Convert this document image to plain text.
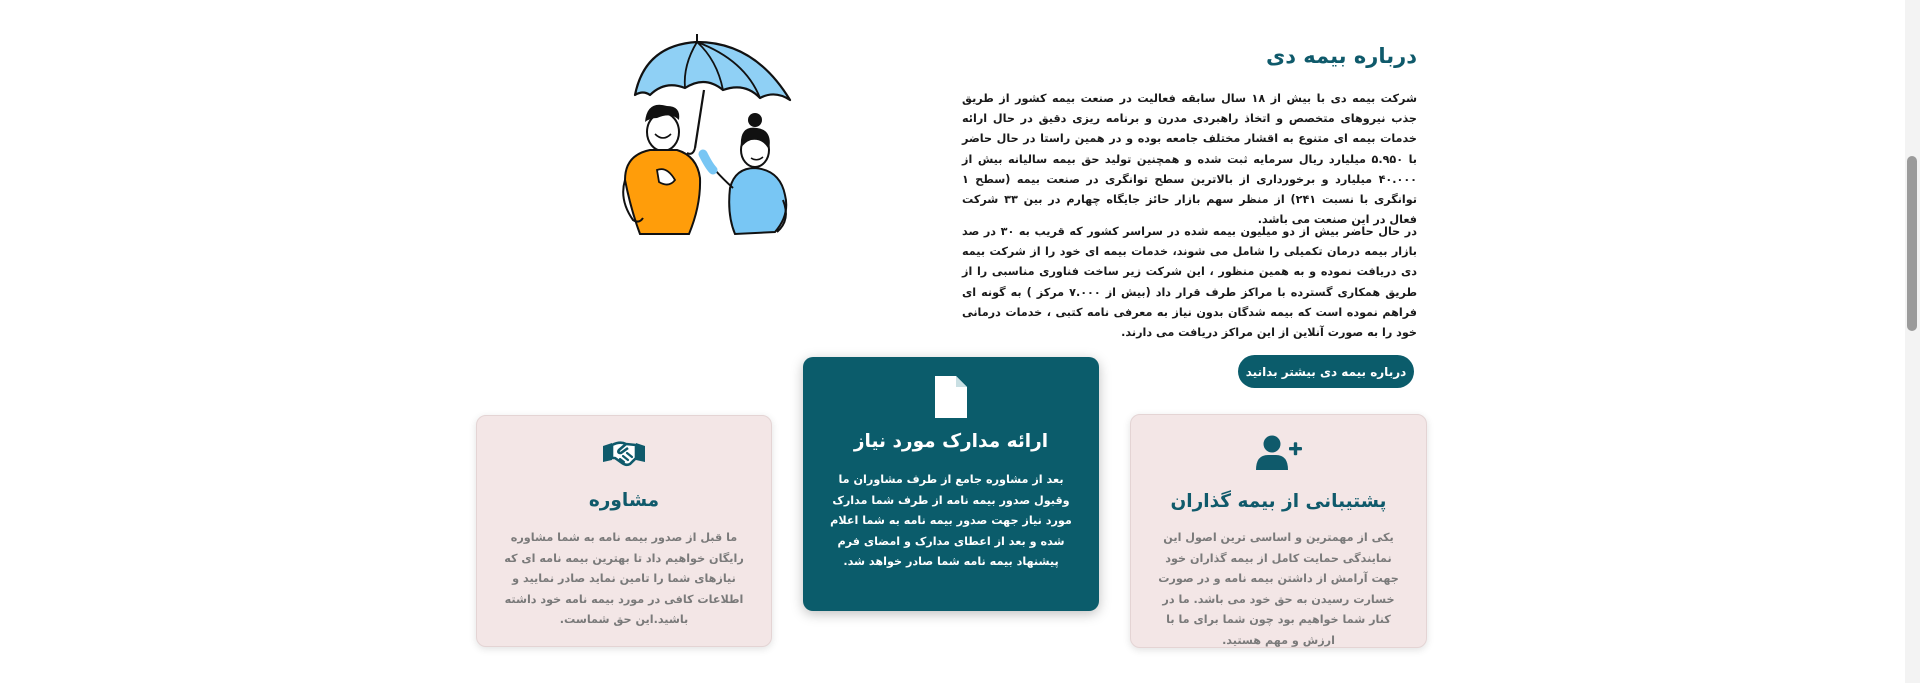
درباره بیمه دی

شرکت بیمه دی با بیش از ۱۸ سال سابقه فعالیت در صنعت بیمه کشور از طریق جذب نیروهای متخصص و اتخاذ راهبردی مدرن و برنامه ریزی دقیق در حال ارائه خدمات بیمه ای متنوع به اقشار مختلف جامعه بوده و در همین راستا در حال حاضر با ۵.۹۵۰ میلیارد ریال سرمایه ثبت شده و همچنین تولید حق بیمه سالیانه بیش از ۴۰.۰۰۰ میلیارد و برخورداری از بالاترین سطح توانگری در صنعت بیمه (سطح ۱ توانگری با نسبت ۲۴۱) از منظر سهم بازار حائز جایگاه چهارم در بین ۳۳ شرکت فعال در این صنعت می باشد.

در حال حاضر بیش از دو میلیون بیمه شده در سراسر کشور که قریب به ۳۰ در صد بازار بیمه درمان تکمیلی را شامل می شوند، خدمات بیمه ای خود را از شرکت بیمه دی دریافت نموده و به همین منظور ، این شرکت زیر ساخت فناوری مناسبی را از طریق همکاری گسترده با مراکز طرف قرار داد (بیش از ۷.۰۰۰ مرکز ) به گونه ای فراهم نموده است که بیمه شدگان بدون نیاز به معرفی نامه کتبی ، خدمات درمانی خود را به صورت آنلاین از این مراکز دریافت می دارند.

درباره بیمه دی بیشتر بدانید
مشاوره

ما قبل از صدور بیمه نامه به شما مشاوره رایگان خواهیم داد تا بهترین بیمه نامه ای که نیازهای شما را تامین نماید صادر نمایید و اطلاعات کافی در مورد بیمه نامه خود داشته باشید.این حق شماست.

ارائه مدارک مورد نیاز

بعد از مشاوره جامع از طرف مشاوران ما وقبول صدور بیمه نامه از طرف شما مدارک مورد نیاز جهت صدور بیمه نامه به شما اعلام شده و بعد از اعطای مدارک و امضای فرم پیشنهاد بیمه نامه شما صادر خواهد شد.

پشتیبانی از بیمه گذاران

یکی از مهمترین و اساسی ترین اصول این نمایندگی حمایت کامل از بیمه گذاران خود جهت آرامش از داشتن بیمه نامه و در صورت خسارت رسیدن به حق خود می باشد. ما در کنار شما خواهیم بود چون شما برای ما با ارزش و مهم هستید.
